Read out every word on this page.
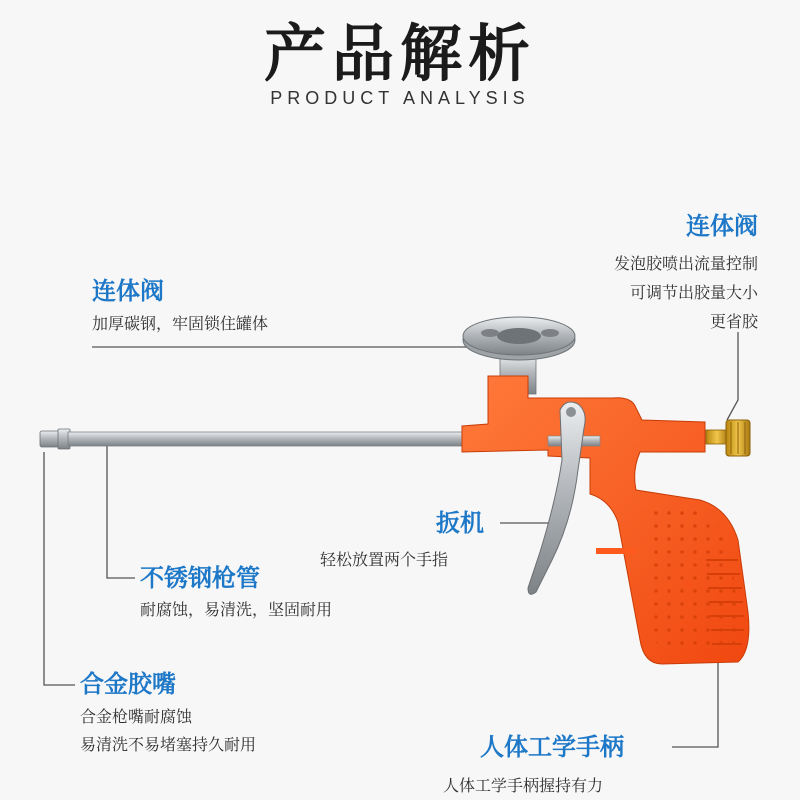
产品解析
PRODUCT ANALYSIS
连体阀
加厚碳钢，牢固锁住罐体
连体阀
发泡胶喷出流量控制
可调节出胶量大小
更省胶
扳机
轻松放置两个手指
不锈钢枪管
耐腐蚀，易清洗，坚固耐用
合金胶嘴
合金枪嘴耐腐蚀
易清洗不易堵塞持久耐用	人体工学手柄
人体工学手柄握持有力
